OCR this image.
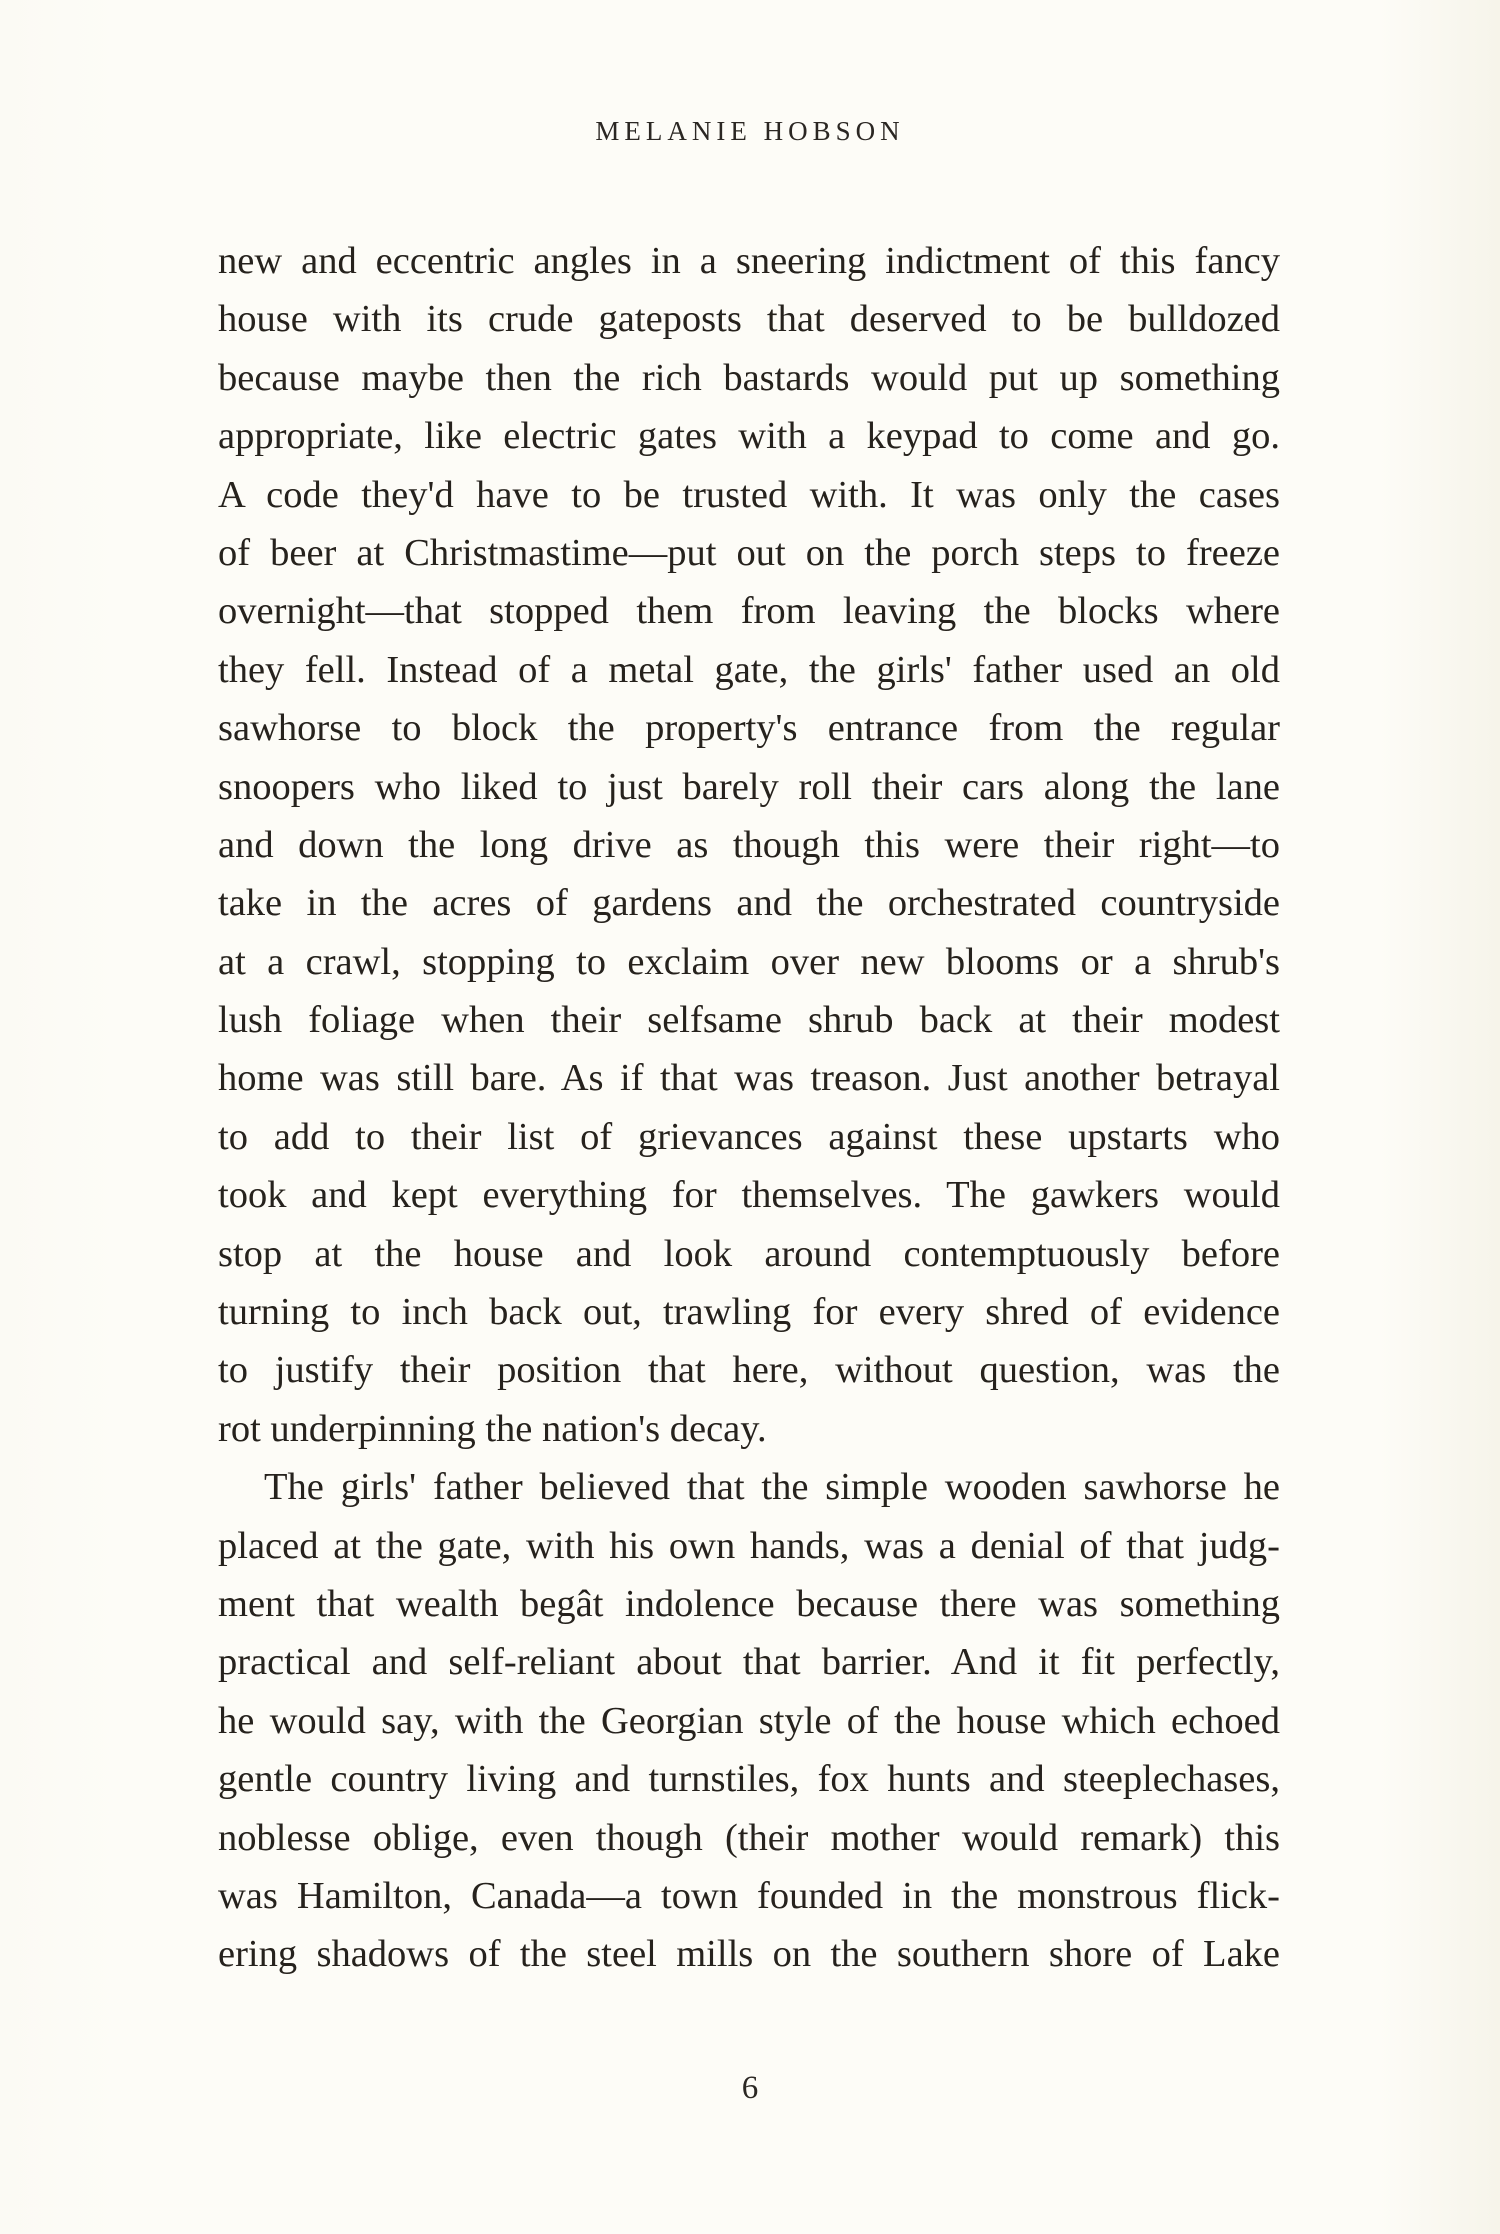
MELANIE HOBSON
new and eccentric angles in a sneering indictment of this fancy
house with its crude gateposts that deserved to be bulldozed
because maybe then the rich bastards would put up something
appropriate, like electric gates with a keypad to come and go.
A code they'd have to be trusted with. It was only the cases
of beer at Christmastime—put out on the porch steps to freeze
overnight—that stopped them from leaving the blocks where
they fell. Instead of a metal gate, the girls' father used an old
sawhorse to block the property's entrance from the regular
snoopers who liked to just barely roll their cars along the lane
and down the long drive as though this were their right—to
take in the acres of gardens and the orchestrated countryside
at a crawl, stopping to exclaim over new blooms or a shrub's
lush foliage when their selfsame shrub back at their modest
home was still bare. As if that was treason. Just another betrayal
to add to their list of grievances against these upstarts who
took and kept everything for themselves. The gawkers would
stop at the house and look around contemptuously before
turning to inch back out, trawling for every shred of evidence
to justify their position that here, without question, was the
rot underpinning the nation's decay.
The girls' father believed that the simple wooden sawhorse he
placed at the gate, with his own hands, was a denial of that judg-
ment that wealth begât indolence because there was something
practical and self-reliant about that barrier. And it fit perfectly,
he would say, with the Georgian style of the house which echoed
gentle country living and turnstiles, fox hunts and steeplechases,
noblesse oblige, even though (their mother would remark) this
was Hamilton, Canada—a town founded in the monstrous flick-
ering shadows of the steel mills on the southern shore of Lake
6
